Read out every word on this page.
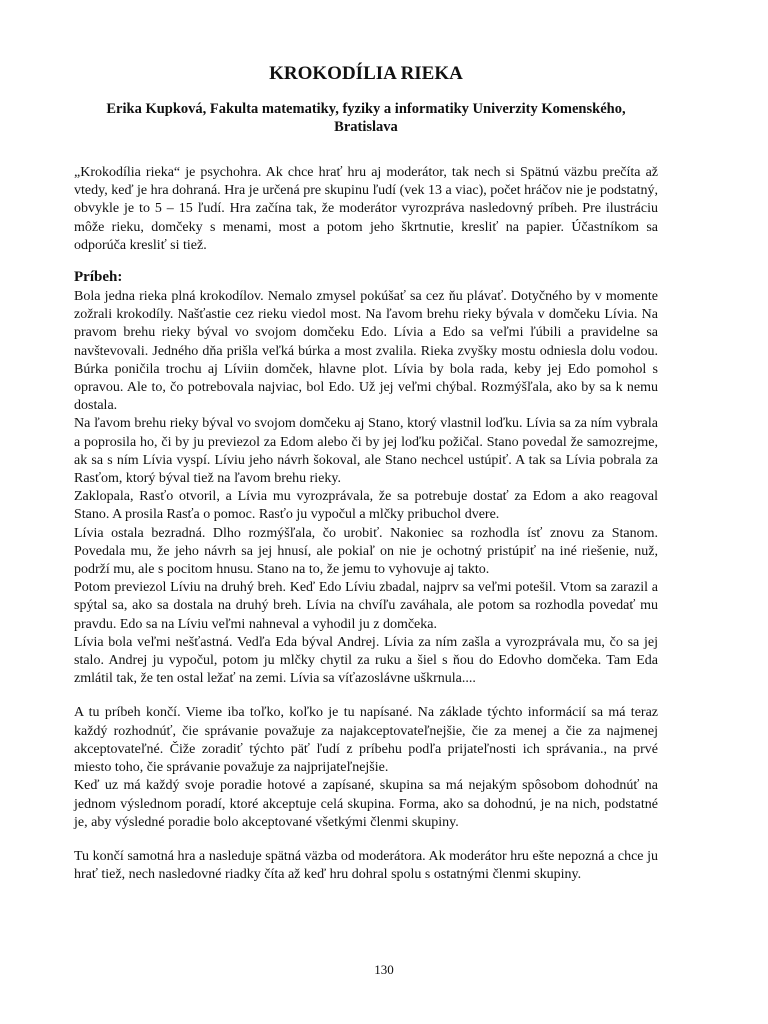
KROKODÍLIA RIEKA
Erika Kupková, Fakulta matematiky, fyziky a informatiky Univerzity Komenského, Bratislava

„Krokodília rieka“ je psychohra. Ak chce hrať hru aj moderátor, tak nech si Spätnú väzbu prečíta až vtedy, keď je hra dohraná. Hra je určená pre skupinu ľudí (vek 13 a viac), počet hráčov nie je podstatný, obvykle je to 5 – 15 ľudí. Hra začína tak, že moderátor vyrozpráva nasledovný príbeh. Pre ilustráciu môže rieku, domčeky s menami, most a potom jeho škrtnutie, kresliť na papier. Účastníkom sa odporúča kresliť si tiež.

Príbeh:

Bola jedna rieka plná krokodílov. Nemalo zmysel pokúšať sa cez ňu plávať. Dotyčného by v momente zožrali krokodíly. Našťastie cez rieku viedol most. Na ľavom brehu rieky bývala v domčeku Lívia. Na pravom brehu rieky býval vo svojom domčeku Edo. Lívia a Edo sa veľmi ľúbili a pravidelne sa navštevovali. Jedného dňa prišla veľká búrka a most zvalila. Rieka zvyšky mostu odniesla dolu vodou. Búrka poničila trochu aj Líviin domček, hlavne plot. Lívia by bola rada, keby jej Edo pomohol s opravou. Ale to, čo potrebovala najviac, bol Edo. Už jej veľmi chýbal. Rozmýšľala, ako by sa k nemu dostala.

Na ľavom brehu rieky býval vo svojom domčeku aj Stano, ktorý vlastnil loďku. Lívia sa za ním vybrala a poprosila ho, či by ju previezol za Edom alebo či by jej loďku požičal. Stano povedal že samozrejme, ak sa s ním Lívia vyspí. Líviu jeho návrh šokoval, ale Stano nechcel ustúpiť. A tak sa Lívia pobrala za Rasťom, ktorý býval tiež na ľavom brehu rieky.

Zaklopala, Rasťo otvoril, a Lívia mu vyrozprávala, že sa potrebuje dostať za Edom a ako reagoval Stano. A prosila Rasťa o pomoc. Rasťo ju vypočul a mlčky pribuchol dvere.

Lívia ostala bezradná. Dlho rozmýšľala, čo urobiť. Nakoniec sa rozhodla ísť znovu za Stanom. Povedala mu, že jeho návrh sa jej hnusí, ale pokiaľ on nie je ochotný pristúpiť na iné riešenie, nuž, podrží mu, ale s pocitom hnusu. Stano na to, že jemu to vyhovuje aj takto.

Potom previezol Líviu na druhý breh. Keď Edo Líviu zbadal, najprv sa veľmi potešil. Vtom sa zarazil a spýtal sa, ako sa dostala na druhý breh. Lívia na chvíľu zaváhala, ale potom sa rozhodla povedať mu pravdu. Edo sa na Líviu veľmi nahneval a vyhodil ju z domčeka.

Lívia bola veľmi nešťastná. Vedľa Eda býval Andrej. Lívia za ním zašla a vyrozprávala mu, čo sa jej stalo. Andrej ju vypočul, potom ju mlčky chytil za ruku a šiel s ňou do Edovho domčeka. Tam Eda zmlátil tak, že ten ostal ležať na zemi. Lívia sa víťazoslávne uškrnula....

A tu príbeh končí. Vieme iba toľko, koľko je tu napísané. Na základe týchto informácií sa má teraz každý rozhodnúť, čie správanie považuje za najakceptovateľnejšie, čie za menej a čie za najmenej akceptovateľné. Čiže zoradiť týchto päť ľudí z príbehu podľa prijateľnosti ich správania., na prvé miesto toho, čie správanie považuje za najprijateľnejšie.

Keď uz má každý svoje poradie hotové a zapísané, skupina sa má nejakým spôsobom dohodnúť na jednom výslednom poradí, ktoré akceptuje celá skupina. Forma, ako sa dohodnú, je na nich, podstatné je, aby výsledné poradie bolo akceptované všetkými členmi skupiny.

Tu končí samotná hra a nasleduje spätná väzba od moderátora. Ak moderátor hru ešte nepozná a chce ju hrať tiež, nech nasledovné riadky číta až keď hru dohral spolu s ostatnými členmi skupiny.

130
